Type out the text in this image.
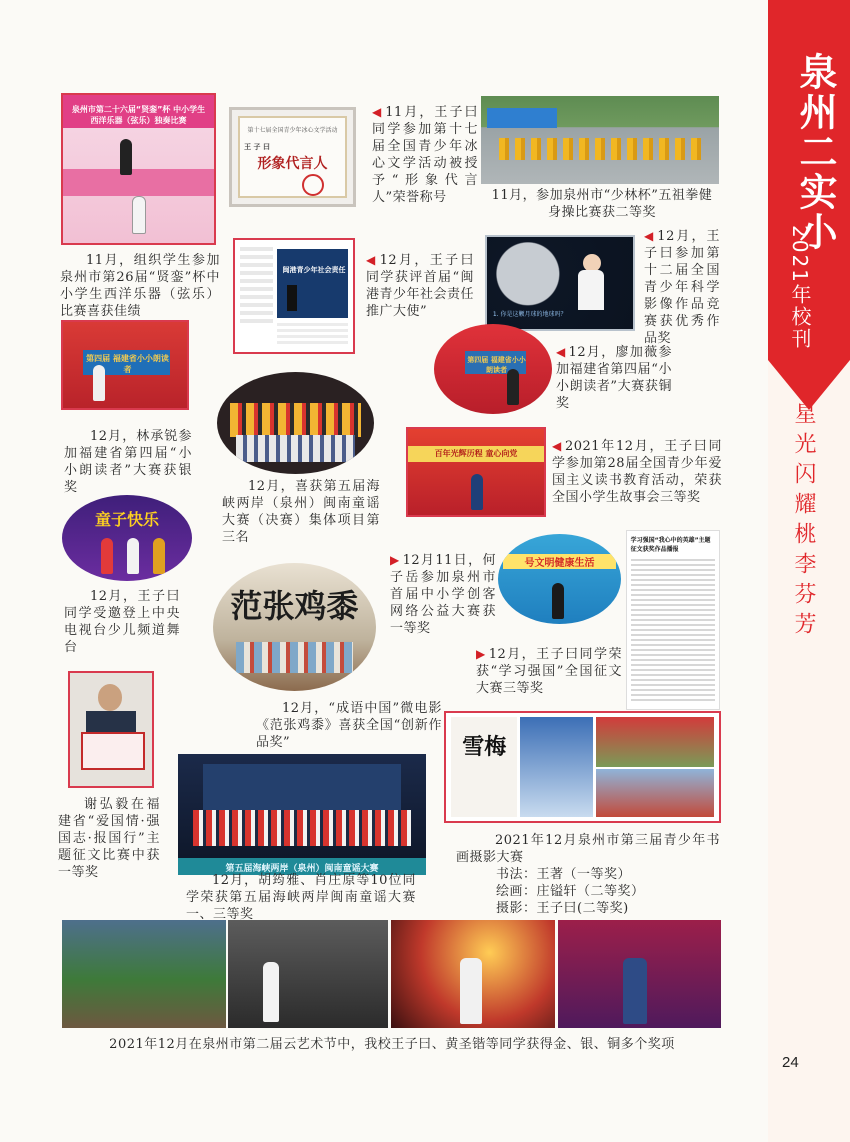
泉州二实小
2021年校刊
星光闪耀
桃李芬芳
24
泉州市第二十六届“贤銮”杯 中小学生西洋乐器（弦乐）独奏比赛
第十七届全国青少年冰心文学活动
王 子 曰
形象代言人
1. 你是这颗月球的地球吗？
闽港青少年社会责任
第四届 福建省小小朗读者
第四届 福建省小小朗读者
百年光辉历程 童心向党
童子快乐
号文明健康生活
学习强国“我心中的英雄”主题征文获奖作品播报
范张鸡黍
雪梅
第五届海峡两岸（泉州）闽南童谣大赛
11月，组织学生参加泉州市第26届“贤銮”杯中小学生西洋乐器（弦乐）比赛喜获佳绩
◀ 11月，王子曰同学参加第十七届全国青少年冰心文学活动被授予“形象代言人”荣誉称号	11月，参加泉州市“少林杯”五祖拳健身操比赛获二等奖
◀ 12月，王子曰参加第十二届全国青少年科学影像作品竞赛获优秀作品奖
◀ 12月，王子曰同学获评首届“闽港青少年社会责任推广大使”
◀ 12月，廖加薇参加福建省第四届“小小朗读者”大赛获铜奖
12月，林承锐参加福建省第四届“小小朗读者”大赛获银奖	12月，喜获第五届海峡两岸（泉州）闽南童谣大赛（决赛）集体项目第三名
◀ 2021年12月，王子曰同学参加第28届全国青少年爱国主义读书教育活动，荣获全国小学生故事会三等奖
12月，王子曰同学受邀登上中央电视台少儿频道舞台
▶ 12月11日，何子岳参加泉州市首届中小学创客网络公益大赛获一等奖
▶ 12月，王子曰同学荣获“学习强国”全国征文大赛三等奖
12月，“成语中国”微电影《范张鸡黍》喜获全国“创新作品奖”
谢弘毅在福建省“爱国情·强国志·报国行”主题征文比赛中获一等奖
12月，胡筠雅、肖庄原等10位同学荣获第五届海峡两岸闽南童谣大赛一、三等奖
2021年12月泉州市第三届青少年书画摄影大赛
书法：王著（一等奖）
绘画：庄镒轩（二等奖）
摄影：王子曰(二等奖)
2021年12月在泉州市第二届云艺术节中，我校王子曰、黄圣锴等同学获得金、银、铜多个奖项
